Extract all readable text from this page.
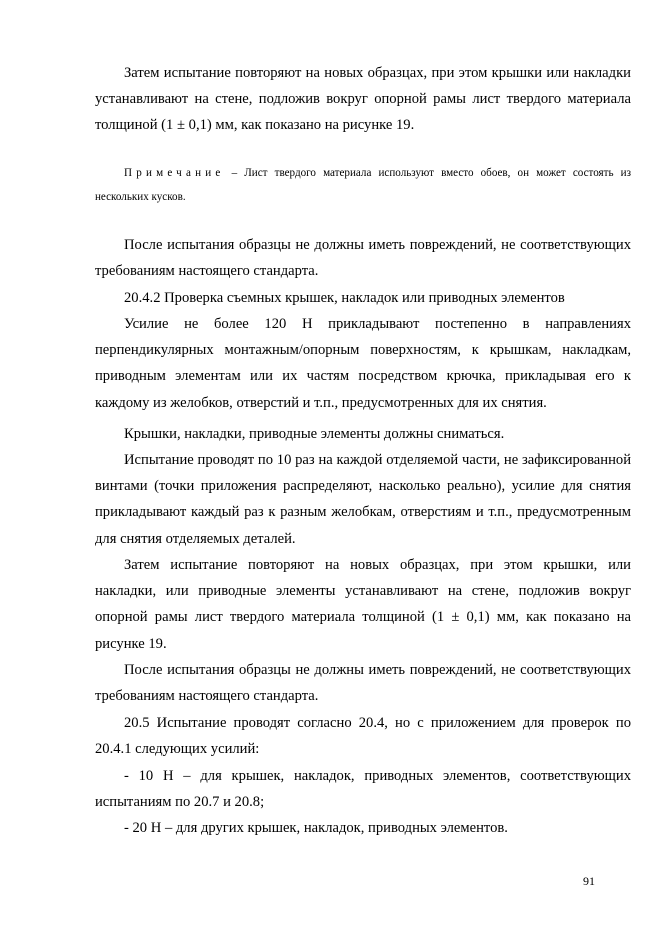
Затем испытание повторяют на новых образцах, при этом крышки или накладки устанавливают на стене, подложив вокруг опорной рамы лист твердого материала толщиной (1 ± 0,1) мм, как показано на рисунке 19.

Примечание – Лист твердого материала используют вместо обоев, он может состоять из нескольких кусков.

После испытания образцы не должны иметь повреждений, не соответствующих требованиям настоящего стандарта.

20.4.2 Проверка съемных крышек, накладок или приводных элементов

Усилие не более 120 Н прикладывают постепенно в направлениях перпендикулярных монтажным/опорным поверхностям, к крышкам, накладкам, приводным элементам или их частям посредством крючка, прикладывая его к каждому из желобков, отверстий и т.п., предусмотренных для их снятия.

Крышки, накладки, приводные элементы должны сниматься.

Испытание проводят по 10 раз на каждой отделяемой части, не зафиксированной винтами (точки приложения распределяют, насколько реально), усилие для снятия прикладывают каждый раз к разным желобкам, отверстиям и т.п., предусмотренным для снятия отделяемых деталей.

Затем испытание повторяют на новых образцах, при этом крышки, или накладки, или приводные элементы устанавливают на стене, подложив вокруг опорной рамы лист твердого материала толщиной (1 ± 0,1) мм, как показано на рисунке 19.

После испытания образцы не должны иметь повреждений, не соответствующих требованиям настоящего стандарта.

20.5 Испытание проводят согласно 20.4, но с приложением для проверок по 20.4.1 следующих усилий:

- 10 Н – для крышек, накладок, приводных элементов, соответствующих испытаниям по 20.7 и 20.8;

- 20 Н – для других крышек, накладок, приводных элементов.

91
